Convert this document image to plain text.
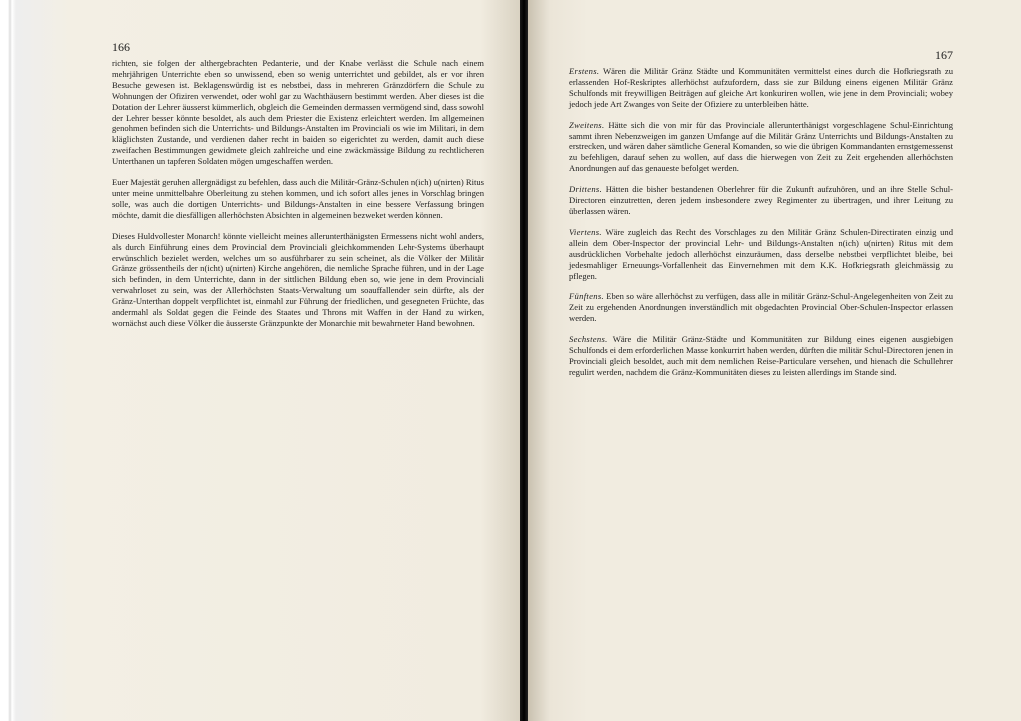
166

richten, sie folgen der althergebrachten Pedanterie, und der Knabe verlässt die Schule nach einem mehrjährigen Unterrichte eben so unwissend, eben so wenig unterrichtet und gebildet, als er vor ihren Besuche gewesen ist. Beklagenswürdig ist es nebstbei, dass in mehreren Gränzdörfern die Schule zu Wohnungen der Ofiziren verwendet, oder wohl gar zu Wachthäusern bestimmt werden. Aber dieses ist die Dotation der Lehrer äusserst kümmerlich, obgleich die Gemeinden dermassen vermögend sind, dass sowohl der Lehrer besser könnte besoldet, als auch dem Priester die Existenz erleichtert werden. Im allgemeinen genohmen befinden sich die Unterrichts- und Bildungs-Anstalten im Provinciali os wie im Militari, in dem kläglichsten Zustande, und verdienen daher recht in baiden so eigerichtet zu werden, damit auch diese zweifachen Bestimmungen gewidmete gleich zahlreiche und eine zwäckmässige Bildung zu rechtlicheren Unterthanen un tapferen Soldaten mögen umgeschaffen werden.

Euer Majestät geruhen allergnädigst zu befehlen, dass auch die Militär-Gränz-Schulen n(ich) u(nirten) Ritus unter meine unmittelbahre Oberleitung zu stehen kommen, und ich sofort alles jenes in Vorschlag bringen solle, was auch die dortigen Unterrichts- und Bildungs-Anstalten in eine bessere Verfassung bringen möchte, damit die diesfälligen allerhöchsten Absichten in algemeinen bezweket werden können.

Dieses Huldvollester Monarch! könnte vielleicht meines allerunterthänigsten Ermessens nicht wohl anders, als durch Einführung eines dem Provincial dem Provinciali gleichkommenden Lehr-Systems überhaupt erwünschlich bezielet werden, welches um so ausführbarer zu sein scheinet, als die Völker der Militär Gränze grössentheils der n(icht) u(nirten) Kirche angehören, die nemliche Sprache führen, und in der Lage sich befinden, in dem Unterrichte, dann in der sittlichen Bildung eben so, wie jene in dem Provinciali verwahrloset zu sein, was der Allerhöchsten Staats-Verwaltung um soauffallender sein dürfte, als der Gränz-Unterthan doppelt verpflichtet ist, einmahl zur Führung der friedlichen, und gesegneten Früchte, das andermahl als Soldat gegen die Feinde des Staates und Throns mit Waffen in der Hand zu wirken, wornächst auch diese Völker die äusserste Gränzpunkte der Monarchie mit bewahrneter Hand bewohnen.

167

Erstens. Wären die Militär Gränz Städte und Kommunitäten vermittelst eines durch die Hofkriegsrath zu erlassenden Hof-Reskriptes allerhöchst aufzufordern, dass sie zur Bildung einens eigenen Militär Gränz Schulfonds mit freywilligen Beiträgen auf gleiche Art konkuriren wollen, wie jene in dem Provinciali; wobey jedoch jede Art Zwanges von Seite der Ofiziere zu unterbleiben hätte.

Zweitens. Hätte sich die von mir für das Provinciale allerunterthänigst vorgeschlagene Schul-Einrichtung sammt ihren Nebenzweigen im ganzen Umfange auf die Militär Gränz Unterrichts und Bildungs-Anstalten zu erstrecken, und wären daher sämtliche General Komanden, so wie die übrigen Kommandanten ernstgemessenst zu befehligen, darauf sehen zu wollen, auf dass die hierwegen von Zeit zu Zeit ergehenden allerhöchsten Anordnungen auf das genaueste befolget werden.

Drittens. Hätten die bisher bestandenen Oberlehrer für die Zukunft aufzuhören, und an ihre Stelle Schul-Directoren einzutretten, deren jedem insbesondere zwey Regimenter zu übertragen, und ihrer Leitung zu überlassen wären.

Viertens. Wäre zugleich das Recht des Vorschlages zu den Militär Gränz Schulen-Directiraten einzig und allein dem Ober-Inspector der provincial Lehr- und Bildungs-Anstalten n(ich) u(nirten) Ritus mit dem ausdrücklichen Vorbehalte jedoch allerhöchst einzuräumen, dass derselbe nebstbei verpflichtet bleibe, bei jedesmahliger Erneuungs-Vorfallenheit das Einvernehmen mit dem K.K. Hofkriegsrath gleichmässig zu pflegen.

Fünftens. Eben so wäre allerhöchst zu verfügen, dass alle in militär Gränz-Schul-Angelegenheiten von Zeit zu Zeit zu ergehenden Anordnungen inverständlich mit obgedachten Provincial Ober-Schulen-Inspector erlassen werden.

Sechstens. Wäre die Militär Gränz-Städte und Kommunitäten zur Bildung eines eigenen ausgiebigen Schulfonds ei dem erforderlichen Masse konkurrirt haben werden, dürften die militär Schul-Directoren jenen in Provinciali gleich besoldet, auch mit dem nemlichen Reise-Particulare versehen, und hienach die Schullehrer regulirt werden, nachdem die Gränz-Kommunitäten dieses zu leisten allerdings im Stande sind.
